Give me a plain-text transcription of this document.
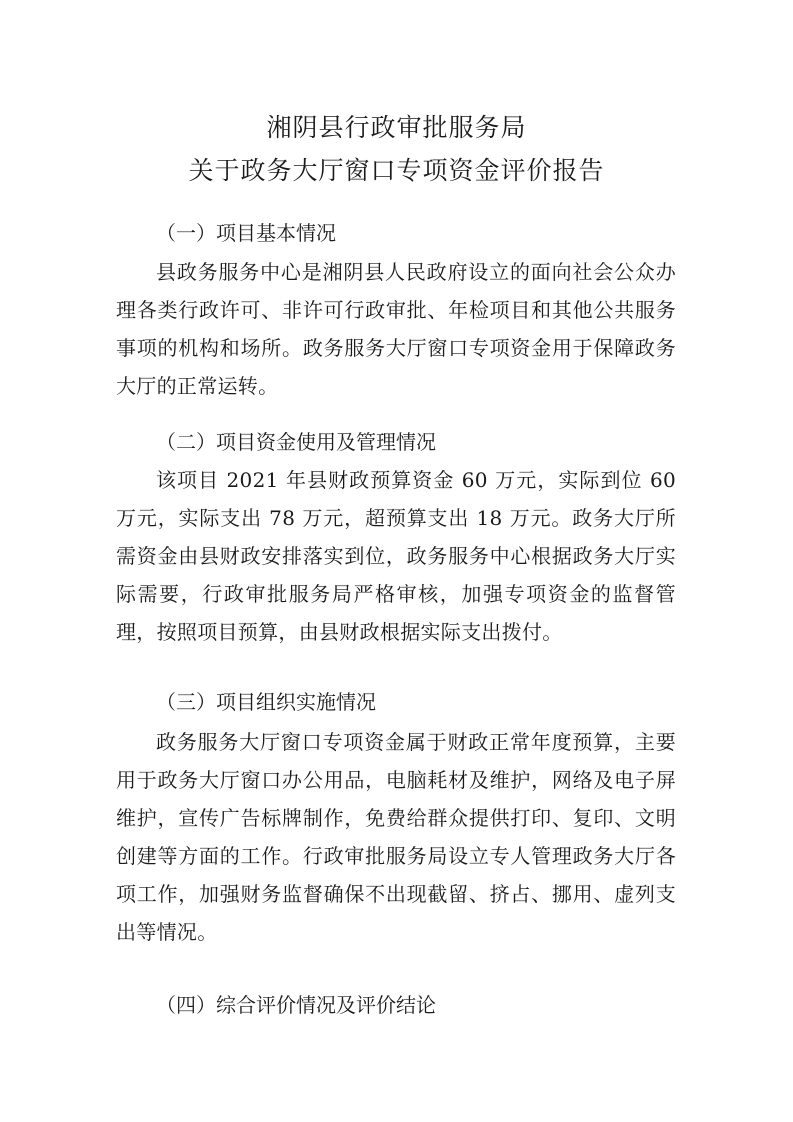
湘阴县行政审批服务局
关于政务大厅窗口专项资金评价报告
（一）项目基本情况
县政务服务中心是湘阴县人民政府设立的面向社会公众办理各类行政许可、非许可行政审批、年检项目和其他公共服务事项的机构和场所。政务服务大厅窗口专项资金用于保障政务大厅的正常运转。
（二）项目资金使用及管理情况
该项目 2021 年县财政预算资金 60 万元，实际到位 60 万元，实际支出 78 万元，超预算支出 18 万元。政务大厅所需资金由县财政安排落实到位，政务服务中心根据政务大厅实际需要，行政审批服务局严格审核，加强专项资金的监督管理，按照项目预算，由县财政根据实际支出拨付。
（三）项目组织实施情况
政务服务大厅窗口专项资金属于财政正常年度预算，主要用于政务大厅窗口办公用品，电脑耗材及维护，网络及电子屏维护，宣传广告标牌制作，免费给群众提供打印、复印、文明创建等方面的工作。行政审批服务局设立专人管理政务大厅各项工作，加强财务监督确保不出现截留、挤占、挪用、虚列支出等情况。
（四）综合评价情况及评价结论
